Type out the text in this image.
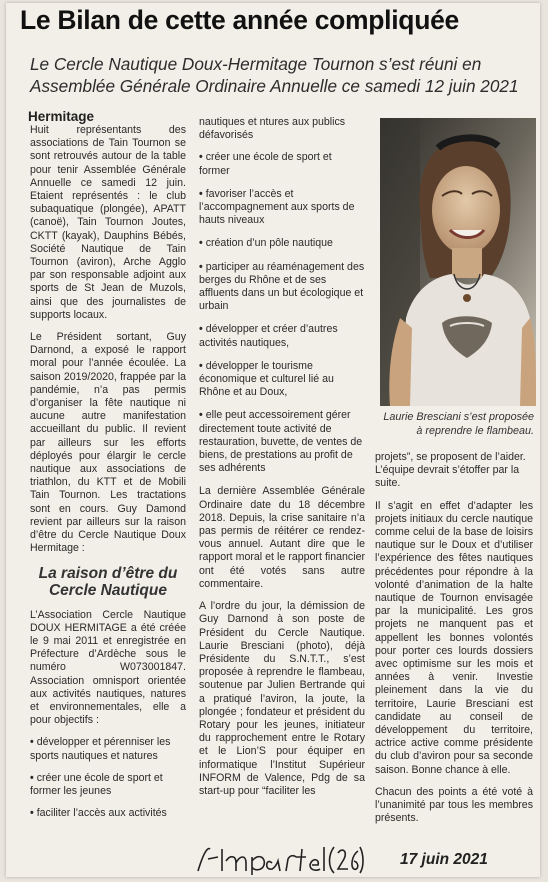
Le Bilan de cette année compliquée
Le Cercle Nautique Doux-Hermitage Tournon s’est réuni en Assemblée Générale Ordinaire Annuelle ce samedi 12 juin 2021
Hermitage

Huit représentants des associations de Tain Tournon se sont retrouvés autour de la table pour tenir Assemblée Générale Annuelle ce samedi 12 juin. Etaient représentés : le club subaquatique (plongée), APATT (canoë), Tain Tournon Joutes, CKTT (kayak), Dauphins Bébés, Société Nautique de Tain Tournon (aviron), Arche Agglo par son responsable adjoint aux sports de St Jean de Muzols, ainsi que des journalistes de supports locaux.

Le Président sortant, Guy Darnond, a exposé le rapport moral pour l’année écoulée. La saison 2019/2020, frappée par la pandémie, n’a pas permis d’organiser la fête nautique ni aucune autre manifestation accueillant du public. Il revient par ailleurs sur les efforts déployés pour élargir le cercle nautique aux associations de triathlon, du KTT et de Mobili Tain Tournon. Les tractations sont en cours. Guy Damond revient par ailleurs sur la raison d’être du Cercle Nautique Doux Hermitage :

La raison d’être du Cercle Nautique

L’Association Cercle Nautique DOUX HERMITAGE a été créée le 9 mai 2011 et enregistrée en Préfecture d’Ardèche sous le numéro W073001847. Association omnisport orientée aux activités nautiques, natures et environnementales, elle a pour objectifs :

• développer et pérenniser les sports nautiques et natures
• créer une école de sport et former les jeunes
• faciliter l’accès aux activités

nautiques et ntures aux publics défavorisés

• créer une école de sport et former
• favoriser l’accès et l’accompagnement aux sports de hauts niveaux
• création d’un pôle nautique
• participer au réaménagement des berges du Rhône et de ses affluents dans un but écologique et urbain
• développer et créer d’autres activités nautiques,
• développer le tourisme économique et culturel lié au Rhône et au Doux,
• elle peut accessoirement gérer directement toute activité de restauration, buvette, de ventes de biens, de prestations au profit de ses adhérents

La dernière Assemblée Générale Ordinaire date du 18 décembre 2018. Depuis, la crise sanitaire n’a pas permis de réitérer ce rendez-vous annuel. Autant dire que le rapport moral et le rapport financier ont été votés sans autre commentaire.

A l’ordre du jour, la démission de Guy Darnond à son poste de Président du Cercle Nautique. Laurie Bresciani (photo), déjà Présidente du S.N.T.T., s’est proposée à reprendre le flambeau, soutenue par Julien Bertrande qui a pratiqué l’aviron, la joute, la plongée ; fondateur et président du Rotary pour les jeunes, initiateur du rapprochement entre le Rotary et le Lion’S pour équiper en informatique l’Institut Supérieur INFORM de Valence, Pdg de sa start-up pour “faciliter les

Laurie Bresciani s’est proposée à reprendre le flambeau.

projets”, se proposent de l’aider. L’équipe devrait s’étoffer par la suite.

Il s’agit en effet d’adapter les projets initiaux du cercle nautique comme celui de la base de loisirs nautique sur le Doux et d’utiliser l’expérience des fêtes nautiques précédentes pour répondre à la volonté d’animation de la halte nautique de Tournon envisagée par la municipalité. Les gros projets ne manquent pas et appellent les bonnes volontés pour porter ces lourds dossiers avec optimisme sur les mois et années à venir. Investie pleinement dans la vie du territoire, Laurie Bresciani est candidate au conseil de développement du territoire, actrice active comme présidente du club d’aviron pour sa seconde saison. Bonne chance à elle.

Chacun des points a été voté à l’unanimité par tous les membres présents.

17 juin 2021
